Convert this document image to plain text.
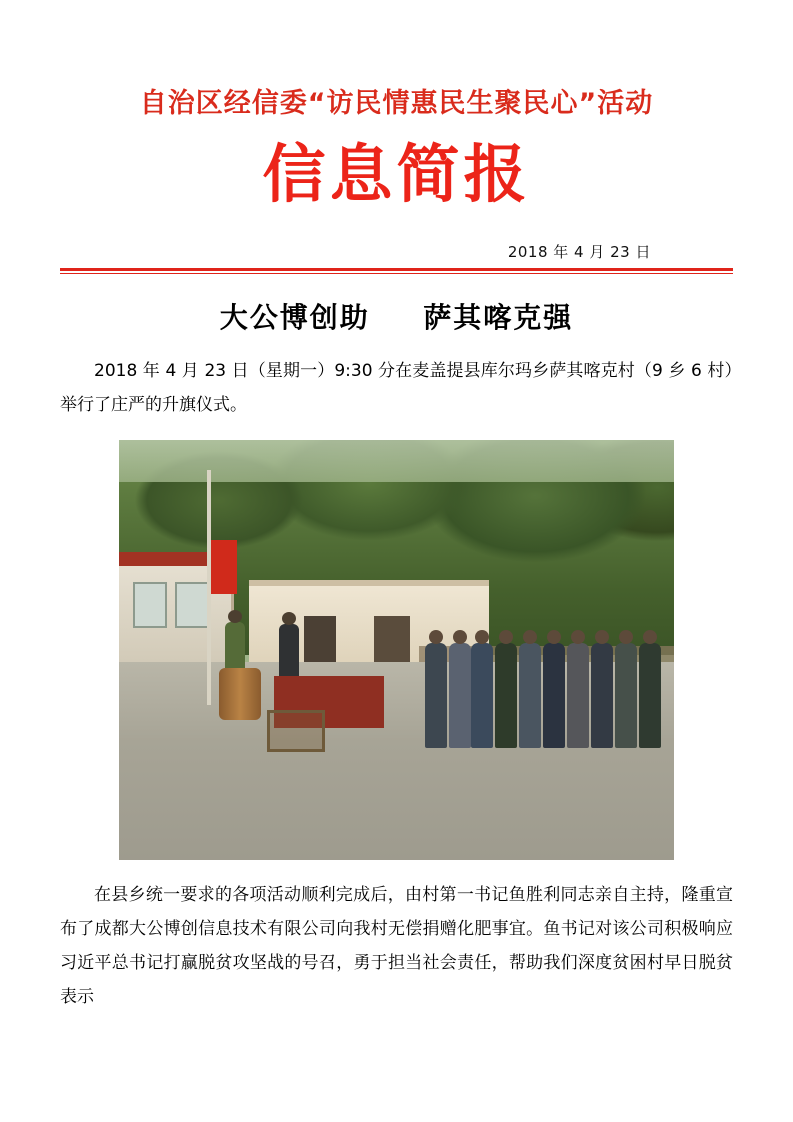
自治区经信委“访民情惠民生聚民心”活动
信息简报
2018 年 4 月 23 日
大公博创助 萨其喀克强
2018 年 4 月 23 日（星期一）9:30 分在麦盖提县库尔玛乡萨其喀克村（9 乡 6 村）举行了庄严的升旗仪式。
在县乡统一要求的各项活动顺利完成后，由村第一书记鱼胜利同志亲自主持，隆重宣布了成都大公博创信息技术有限公司向我村无偿捐赠化肥事宜。鱼书记对该公司积极响应习近平总书记打赢脱贫攻坚战的号召，勇于担当社会责任，帮助我们深度贫困村早日脱贫表示
